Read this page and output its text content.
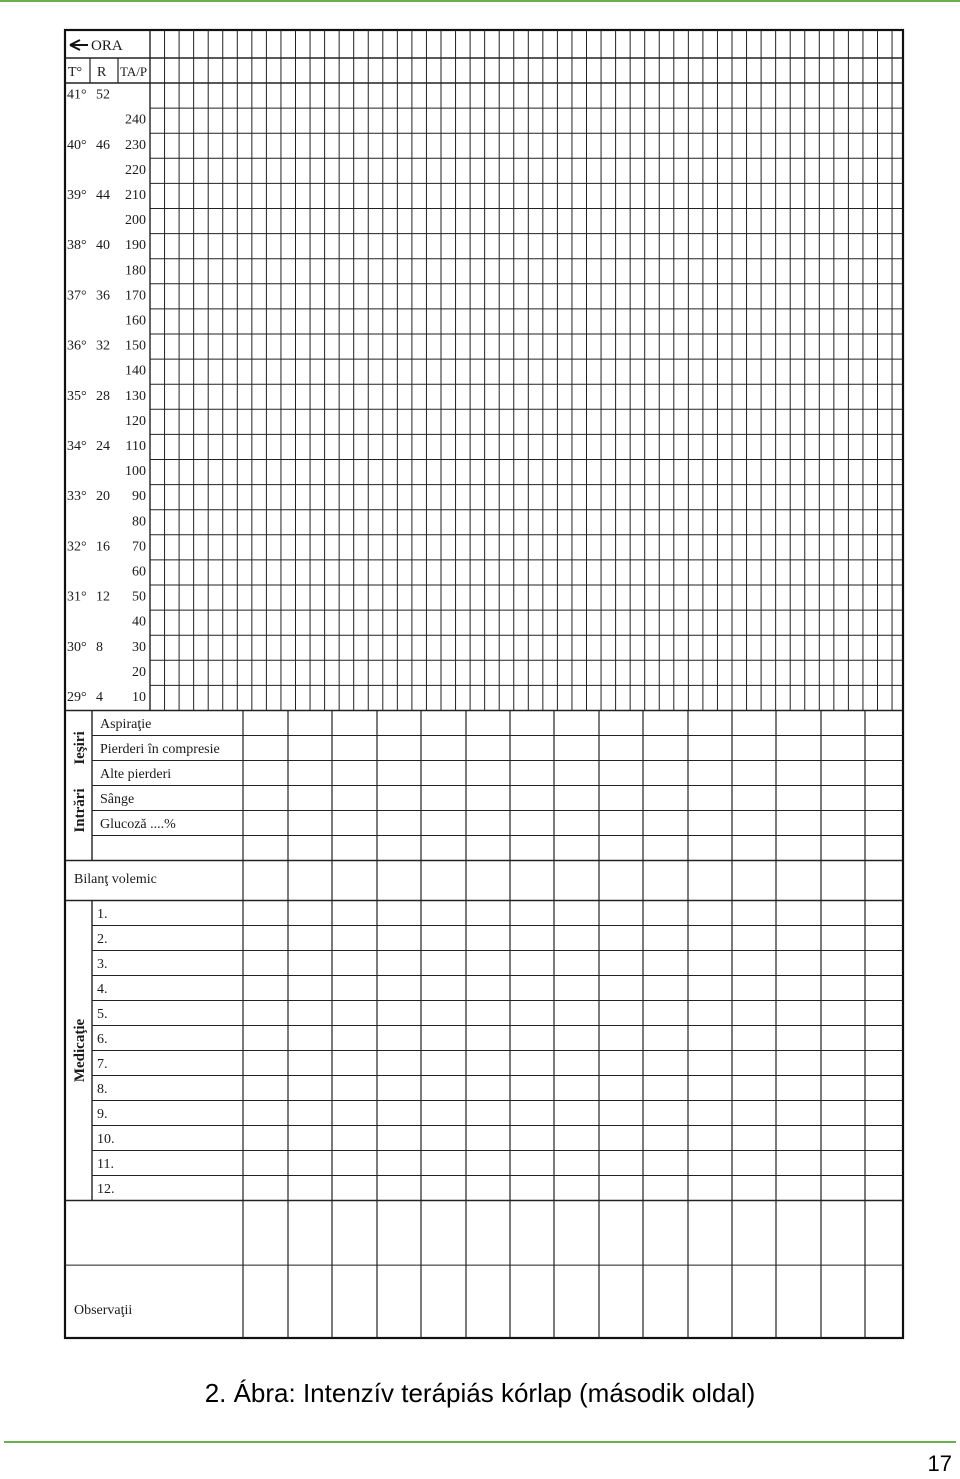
ORA
T° R TA/P
41° 52
240
40° 46 230
220
39° 44 210
200
38° 40 190
180
37° 36 170
160
36° 32 150
140
35° 28 130
120
34° 24 110
100
33° 20 90
80
32° 16 70
60
31° 12 50
40
30° 8 30
20
29° 4 10
Aspiraţie
Pierderi în compresie
Alte pierderi
Sânge
Glucoză ....%
Bilanţ volemic
1.
2.
3.
4.
5.
6.
7.
8.
9.
10.
11.
12.
Observaţii
Ieşiri
Intrări
Medicaţie
2. Ábra: Intenzív terápiás kórlap (második oldal)
17
